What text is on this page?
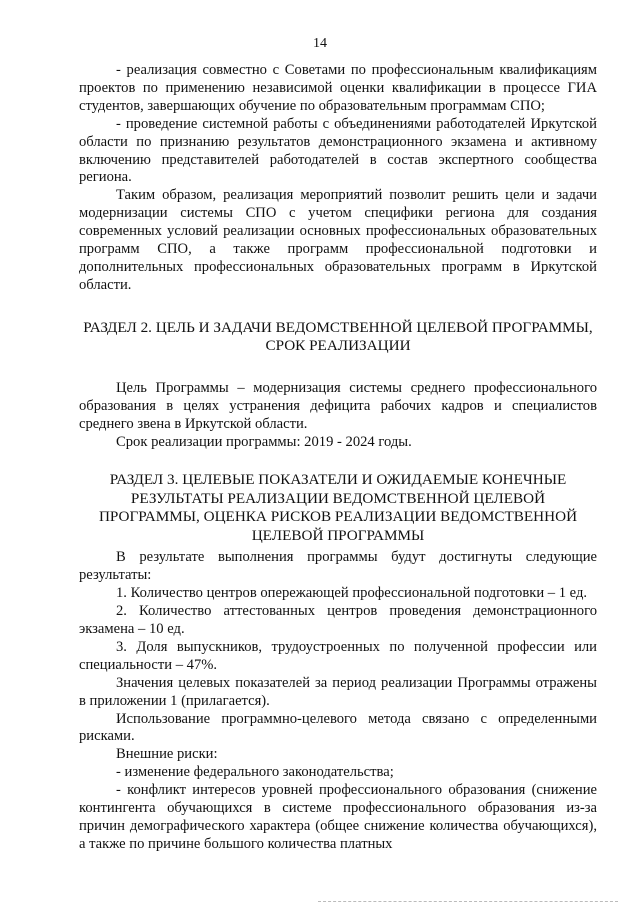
14

- реализация совместно с Советами по профессиональным квалификациям проектов по применению независимой оценки квалификации в процессе ГИА студентов, завершающих обучение по образовательным программам СПО;

- проведение системной работы с объединениями работодателей Иркутской области по признанию результатов демонстрационного экзамена и активному включению представителей работодателей в состав экспертного сообщества региона.

Таким образом, реализация мероприятий позволит решить цели и задачи модернизации системы СПО с учетом специфики региона для создания современных условий реализации основных профессиональных образовательных программ СПО, а также программ профессиональной подготовки и дополнительных профессиональных образовательных программ в Иркутской области.

РАЗДЕЛ 2. ЦЕЛЬ И ЗАДАЧИ ВЕДОМСТВЕННОЙ ЦЕЛЕВОЙ ПРОГРАММЫ,
СРОК РЕАЛИЗАЦИИ

Цель Программы – модернизация системы среднего профессионального образования в целях устранения дефицита рабочих кадров и специалистов среднего звена в Иркутской области.

Срок реализации программы: 2019 - 2024 годы.

РАЗДЕЛ 3. ЦЕЛЕВЫЕ ПОКАЗАТЕЛИ И ОЖИДАЕМЫЕ КОНЕЧНЫЕ
РЕЗУЛЬТАТЫ РЕАЛИЗАЦИИ ВЕДОМСТВЕННОЙ ЦЕЛЕВОЙ
ПРОГРАММЫ, ОЦЕНКА РИСКОВ РЕАЛИЗАЦИИ ВЕДОМСТВЕННОЙ
ЦЕЛЕВОЙ ПРОГРАММЫ

В результате выполнения программы будут достигнуты следующие результаты:

1. Количество центров опережающей профессиональной подготовки – 1 ед.

2. Количество аттестованных центров проведения демонстрационного экзамена – 10 ед.

3. Доля выпускников, трудоустроенных по полученной профессии или специальности – 47%.

Значения целевых показателей за период реализации Программы отражены в приложении 1 (прилагается).

Использование программно-целевого метода связано с определенными рисками.

Внешние риски:

- изменение федерального законодательства;

- конфликт интересов уровней профессионального образования (снижение контингента обучающихся в системе профессионального образования из-за причин демографического характера (общее снижение количества обучающихся), а также по причине большого количества платных
